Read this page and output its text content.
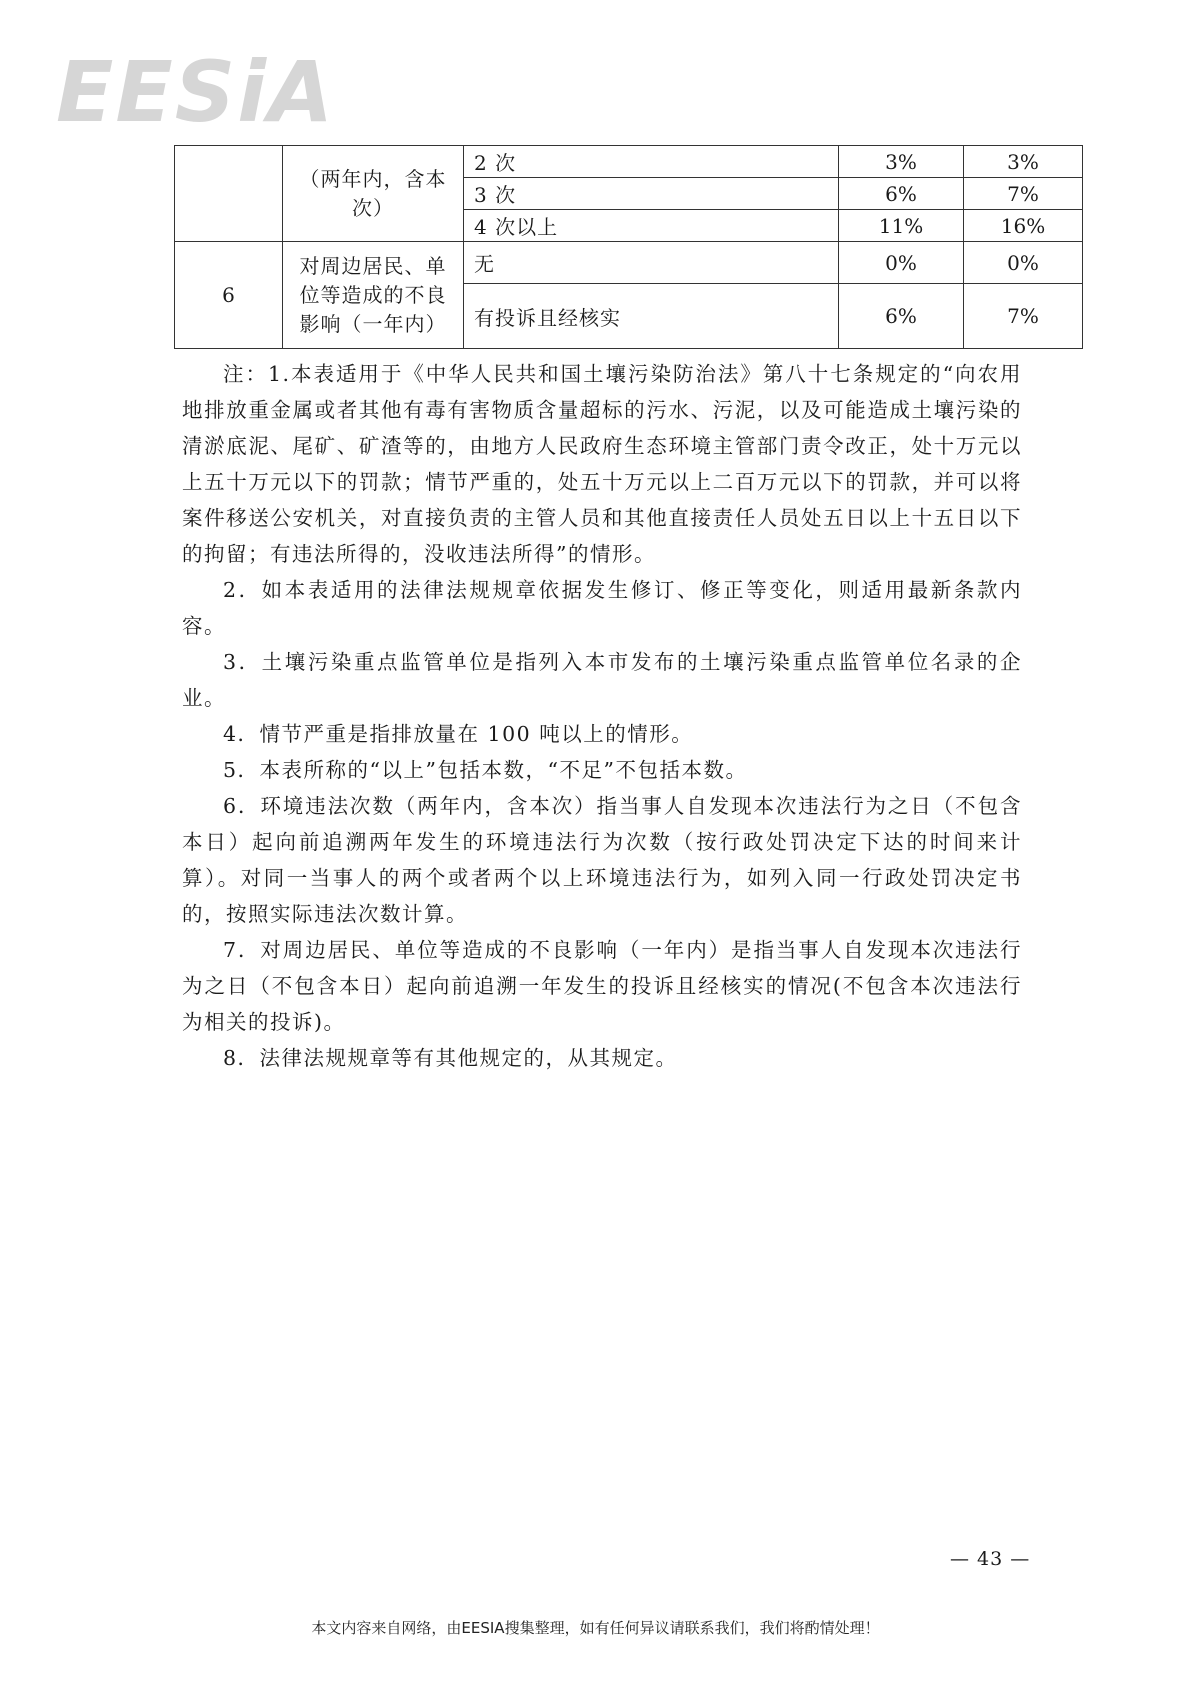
EESiA
	（两年内，含本次）	2 次	3%	3%
		3 次	6%	7%
		4 次以上	11%	16%
6	对周边居民、单位等造成的不良影响（一年内）	无	0%	0%
		有投诉且经核实	6%	7%

注：1.本表适用于《中华人民共和国土壤污染防治法》第八十七条规定的“向农用地排放重金属或者其他有毒有害物质含量超标的污水、污泥，以及可能造成土壤污染的清淤底泥、尾矿、矿渣等的，由地方人民政府生态环境主管部门责令改正，处十万元以上五十万元以下的罚款；情节严重的，处五十万元以上二百万元以下的罚款，并可以将案件移送公安机关，对直接负责的主管人员和其他直接责任人员处五日以上十五日以下的拘留；有违法所得的，没收违法所得”的情形。

2．如本表适用的法律法规规章依据发生修订、修正等变化，则适用最新条款内容。

3．土壤污染重点监管单位是指列入本市发布的土壤污染重点监管单位名录的企业。

4．情节严重是指排放量在 100 吨以上的情形。

5．本表所称的“以上”包括本数，“不足”不包括本数。

6．环境违法次数（两年内，含本次）指当事人自发现本次违法行为之日（不包含本日）起向前追溯两年发生的环境违法行为次数（按行政处罚决定下达的时间来计算）。对同一当事人的两个或者两个以上环境违法行为，如列入同一行政处罚决定书的，按照实际违法次数计算。

7．对周边居民、单位等造成的不良影响（一年内）是指当事人自发现本次违法行为之日（不包含本日）起向前追溯一年发生的投诉且经核实的情况(不包含本次违法行为相关的投诉)。

8．法律法规规章等有其他规定的，从其规定。

— 43 —
本文内容来自网络，由EESIA搜集整理，如有任何异议请联系我们，我们将酌情处理！
